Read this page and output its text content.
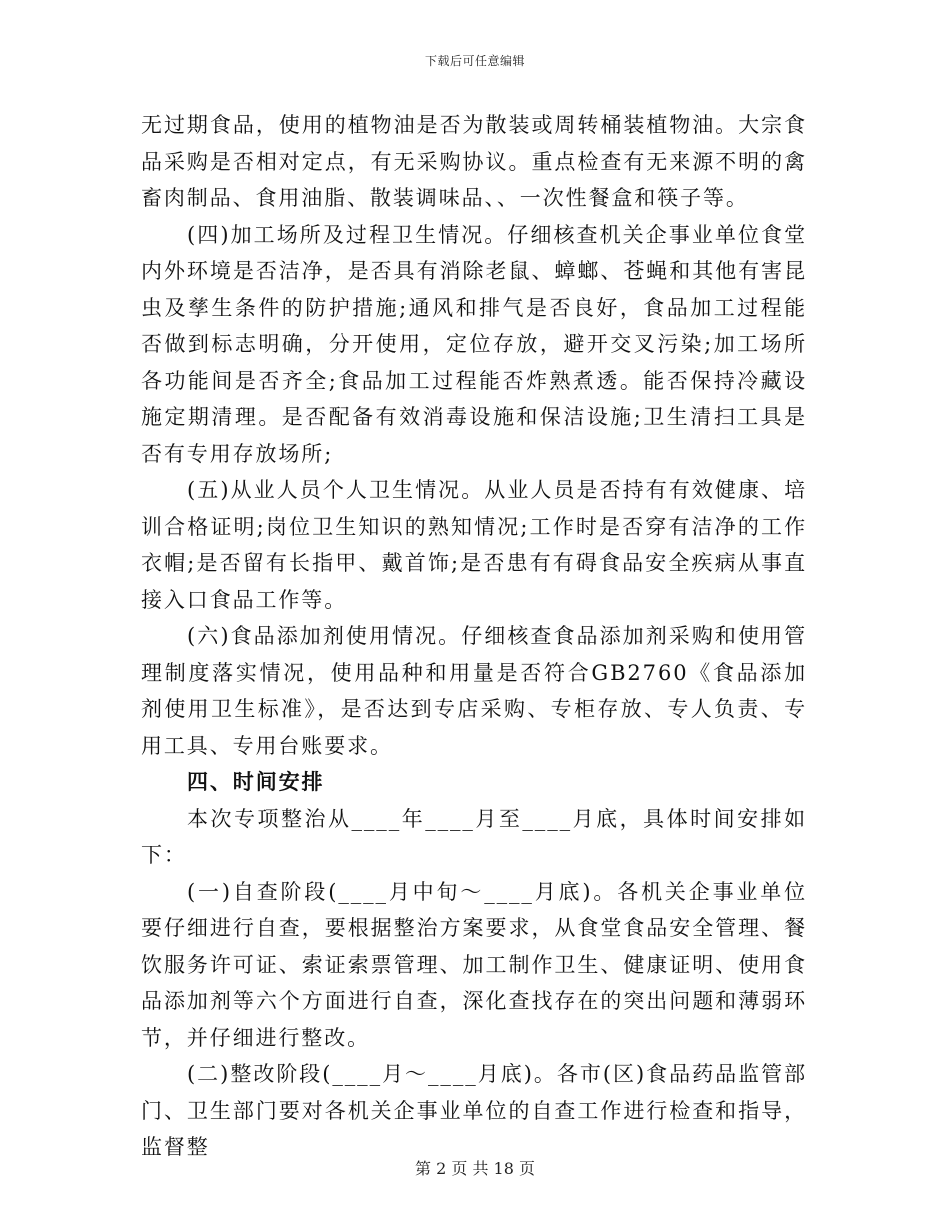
下载后可任意编辑

无过期食品，使用的植物油是否为散装或周转桶装植物油。大宗食品采购是否相对定点，有无采购协议。重点检查有无来源不明的禽畜肉制品、食用油脂、散装调味品、、一次性餐盒和筷子等。

(四)加工场所及过程卫生情况。仔细核查机关企事业单位食堂内外环境是否洁净，是否具有消除老鼠、蟑螂、苍蝇和其他有害昆虫及孳生条件的防护措施;通风和排气是否良好，食品加工过程能否做到标志明确，分开使用，定位存放，避开交叉污染;加工场所各功能间是否齐全;食品加工过程能否炸熟煮透。能否保持冷藏设施定期清理。是否配备有效消毒设施和保洁设施;卫生清扫工具是否有专用存放场所;

(五)从业人员个人卫生情况。从业人员是否持有有效健康、培训合格证明;岗位卫生知识的熟知情况;工作时是否穿有洁净的工作衣帽;是否留有长指甲、戴首饰;是否患有有碍食品安全疾病从事直接入口食品工作等。

(六)食品添加剂使用情况。仔细核查食品添加剂采购和使用管理制度落实情况，使用品种和用量是否符合GB2760《食品添加剂使用卫生标准》，是否达到专店采购、专柜存放、专人负责、专用工具、专用台账要求。

四、时间安排

本次专项整治从____年____月至____月底，具体时间安排如下：

(一)自查阶段(____月中旬～____月底)。各机关企事业单位要仔细进行自查，要根据整治方案要求，从食堂食品安全管理、餐饮服务许可证、索证索票管理、加工制作卫生、健康证明、使用食品添加剂等六个方面进行自查，深化查找存在的突出问题和薄弱环节，并仔细进行整改。

(二)整改阶段(____月～____月底)。各市(区)食品药品监管部门、卫生部门要对各机关企事业单位的自查工作进行检查和指导，监督整

第 2 页 共 18 页
